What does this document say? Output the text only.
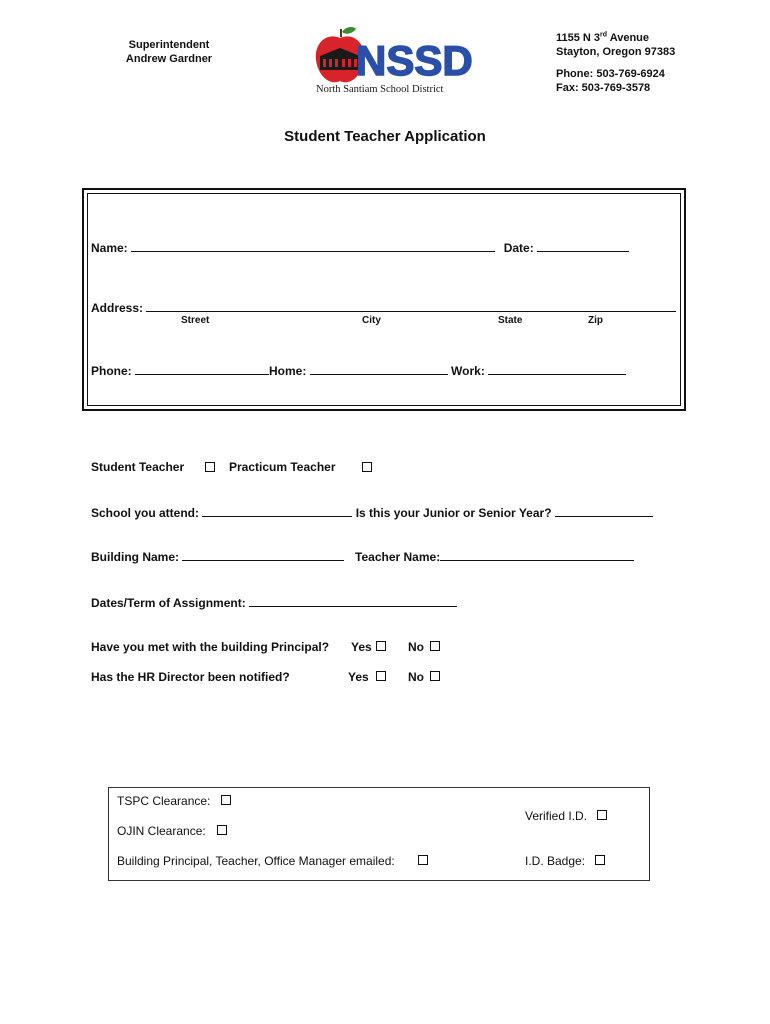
Superintendent
Andrew Gardner	NSSD
North Santiam School District
1155 N 3rd Avenue
Stayton, Oregon 97383
Phone: 503-769-6924
Fax: 503-769-3578
Student Teacher Application
Name:	Date:
Address:
Street	City	State	Zip
Phone:	Home:	Work:
Student Teacher	Practicum Teacher
School you attend:	Is this your Junior or Senior Year?
Building Name:	Teacher Name:
Dates/Term of Assignment:
Have you met with the building Principal? Yes	No
Has the HR Director been notified?	Yes	No
TSPC Clearance:
OJIN Clearance:
Building Principal, Teacher, Office Manager emailed:
Verified I.D.
I.D. Badge:
